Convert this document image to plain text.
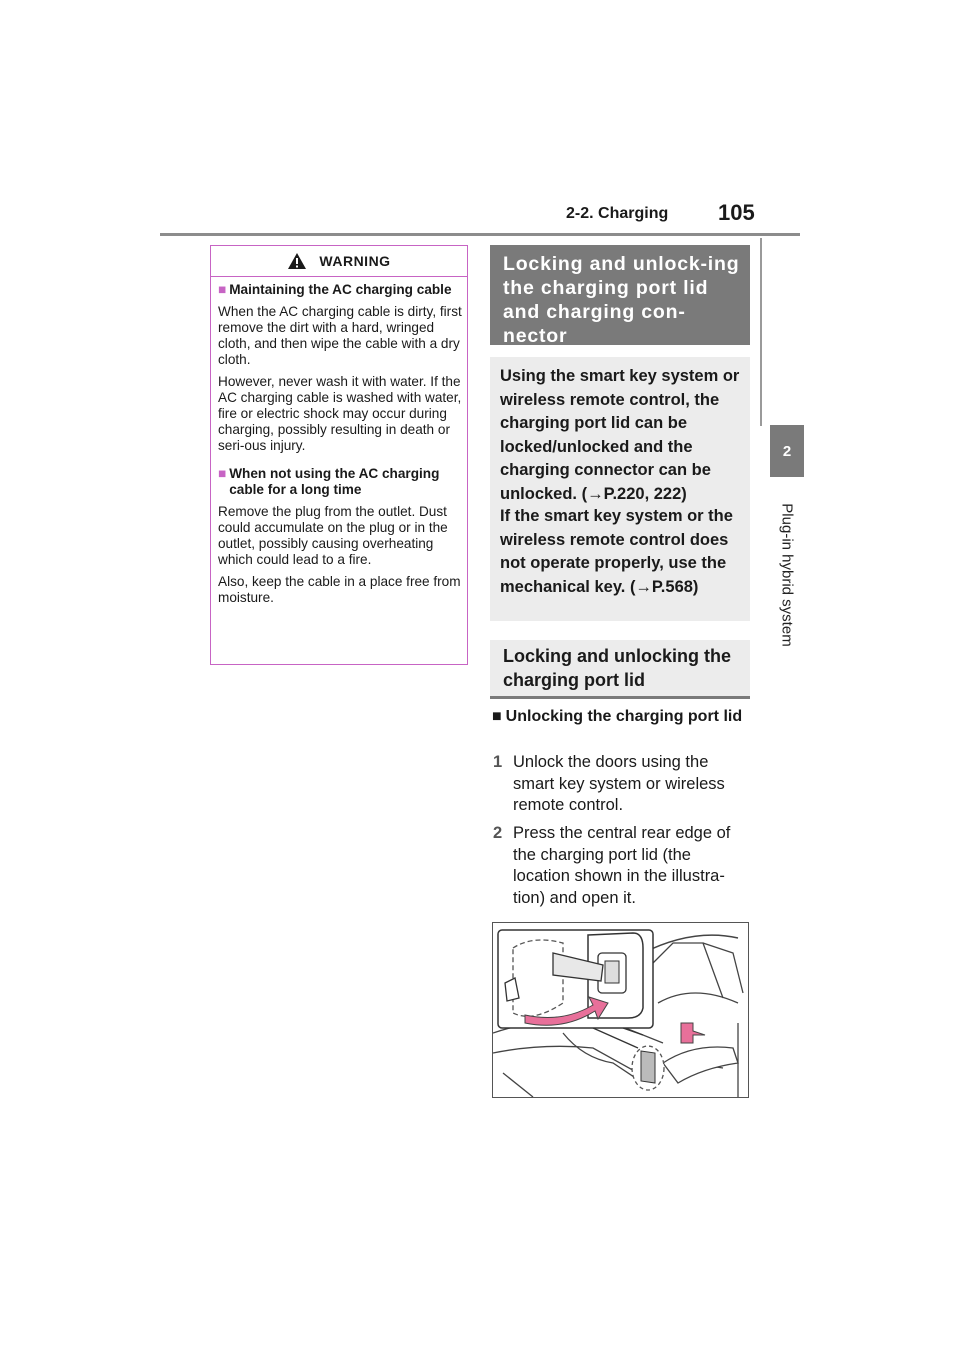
2-2. Charging 105
2
Plug-in hybrid system
WARNING
■ Maintaining the AC charging cable
When the AC charging cable is dirty, first remove the dirt with a hard, wringed cloth, and then wipe the cable with a dry cloth.
However, never wash it with water. If the AC charging cable is washed with water, fire or electric shock may occur during charging, possibly resulting in death or seri-ous injury.
■ When not using the AC charging cable for a long time
Remove the plug from the outlet. Dust could accumulate on the plug or in the outlet, possibly causing overheating which could lead to a fire.
Also, keep the cable in a place free from moisture.
Locking and unlock-ing the charging port lid and charging con-nector
Using the smart key system or wireless remote control, the charging port lid can be locked/unlocked and the charging connector can be unlocked. (→P.220, 222)
If the smart key system or the wireless remote control does not operate properly, use the mechanical key. (→P.568)
Locking and unlocking the charging port lid
■ Unlocking the charging port lid
1 Unlock the doors using the smart key system or wireless remote control.
2 Press the central rear edge of the charging port lid (the location shown in the illustra-tion) and open it.
